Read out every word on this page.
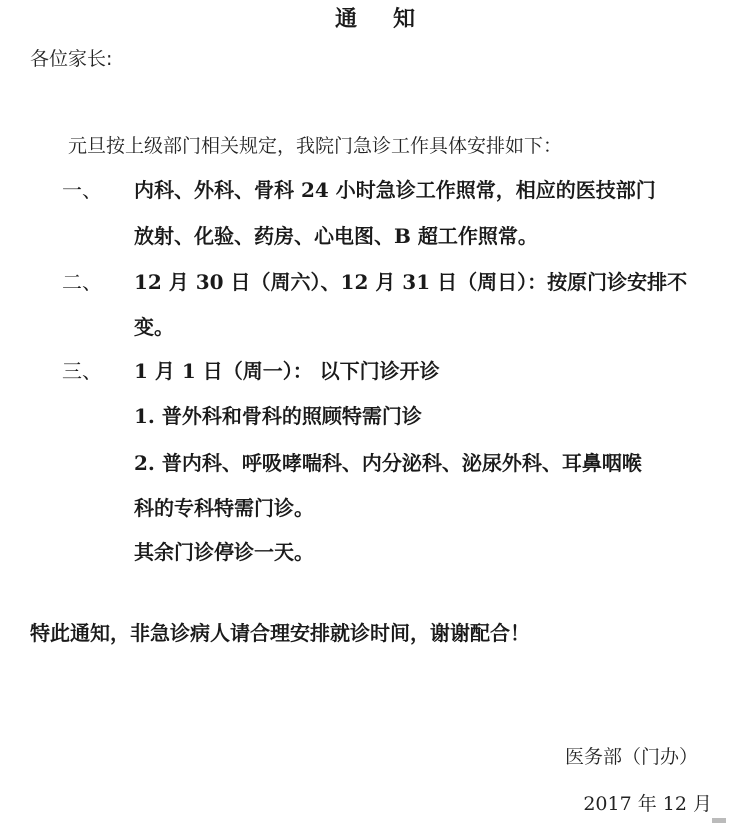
通 知
各位家长:
元旦按上级部门相关规定，我院门急诊工作具体安排如下：
一、 内科、外科、骨科 24 小时急诊工作照常，相应的医技部门
放射、化验、药房、心电图、B 超工作照常。
二、 12 月 30 日（周六）、12 月 31 日（周日）：按原门诊安排不
变。
三、 1 月 1 日（周一）： 以下门诊开诊
1. 普外科和骨科的照顾特需门诊
2. 普内科、呼吸哮喘科、内分泌科、泌尿外科、耳鼻咽喉
科的专科特需门诊。
其余门诊停诊一天。
特此通知，非急诊病人请合理安排就诊时间，谢谢配合！
医务部（门办）
2017 年 12 月
